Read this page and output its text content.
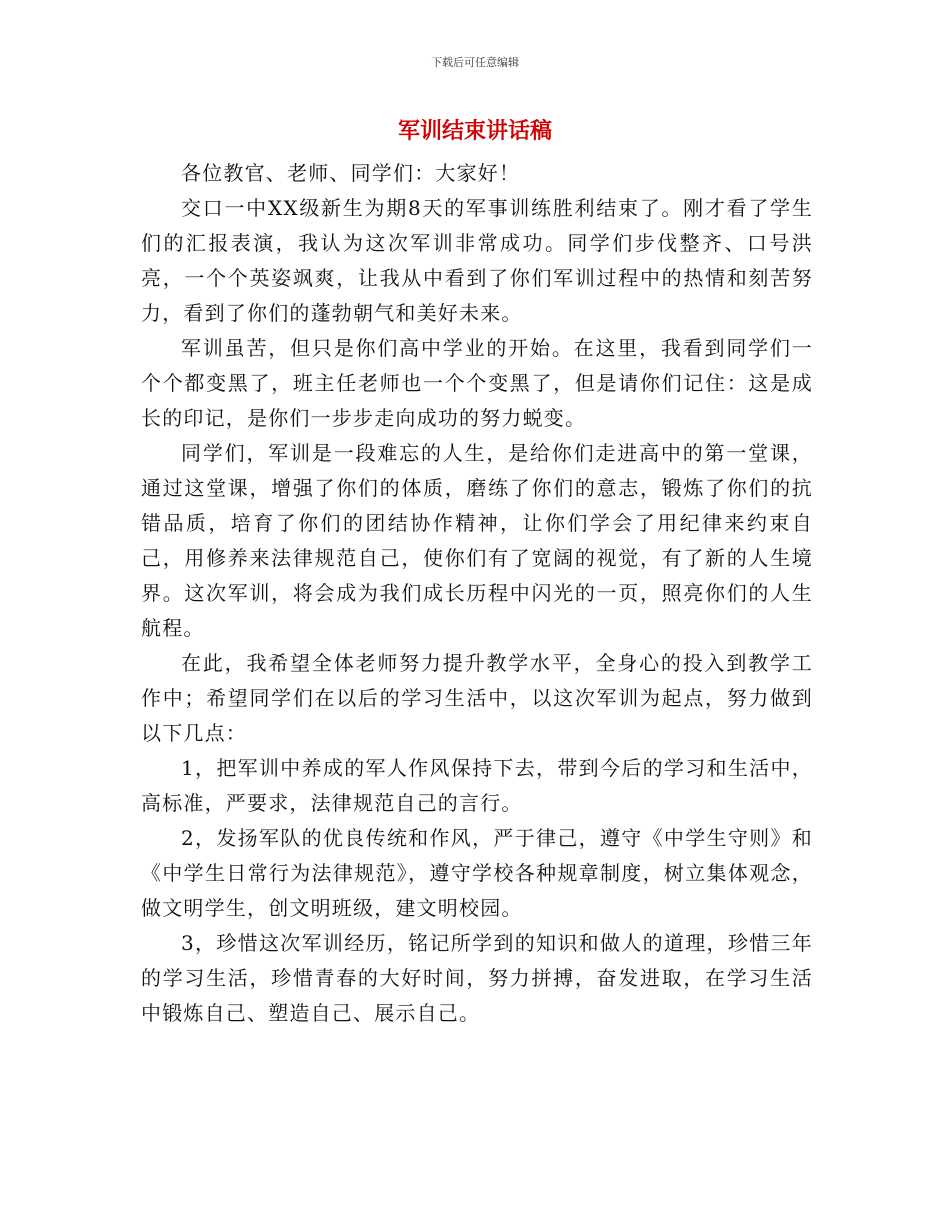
下载后可任意编辑
军训结束讲话稿

各位教官、老师、同学们：大家好！

交口一中XX级新生为期8天的军事训练胜利结束了。刚才看了学生们的汇报表演，我认为这次军训非常成功。同学们步伐整齐、口号洪亮，一个个英姿飒爽，让我从中看到了你们军训过程中的热情和刻苦努力，看到了你们的蓬勃朝气和美好未来。

军训虽苦，但只是你们高中学业的开始。在这里，我看到同学们一个个都变黑了，班主任老师也一个个变黑了，但是请你们记住：这是成长的印记，是你们一步步走向成功的努力蜕变。

同学们，军训是一段难忘的人生，是给你们走进高中的第一堂课，通过这堂课，增强了你们的体质，磨练了你们的意志，锻炼了你们的抗错品质，培育了你们的团结协作精神，让你们学会了用纪律来约束自己，用修养来法律规范自己，使你们有了宽阔的视觉，有了新的人生境界。这次军训，将会成为我们成长历程中闪光的一页，照亮你们的人生航程。

在此，我希望全体老师努力提升教学水平，全身心的投入到教学工作中；希望同学们在以后的学习生活中，以这次军训为起点，努力做到以下几点：

1，把军训中养成的军人作风保持下去，带到今后的学习和生活中，高标准，严要求，法律规范自己的言行。

2，发扬军队的优良传统和作风，严于律己，遵守《中学生守则》和《中学生日常行为法律规范》，遵守学校各种规章制度，树立集体观念，做文明学生，创文明班级，建文明校园。

3，珍惜这次军训经历，铭记所学到的知识和做人的道理，珍惜三年的学习生活，珍惜青春的大好时间，努力拼搏，奋发进取，在学习生活中锻炼自己、塑造自己、展示自己。
